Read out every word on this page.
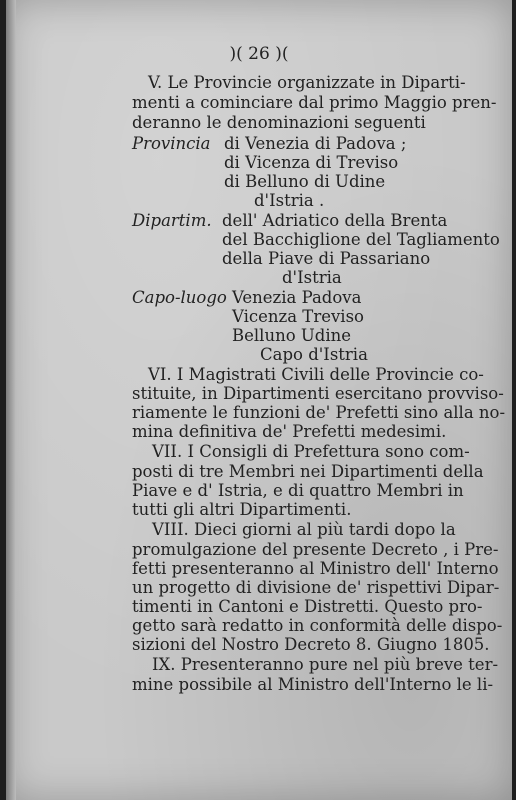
)( 26 )(
V. Le Provincie organizzate in Diparti-
menti a cominciare dal primo Maggio pren-
deranno le denominazioni seguenti
Provincia di Venezia di Padova ;
di Vicenza di Treviso
di Belluno di Udine
d'Istria .
Dipartim. dell' Adriatico della Brenta
del Bacchiglione del Tagliamento
della Piave di Passariano
d'Istria
Capo-luogo Venezia Padova
Vicenza Treviso
Belluno Udine
Capo d'Istria
VI. I Magistrati Civili delle Provincie co-
stituite, in Dipartimenti esercitano provviso-
riamente le funzioni de' Prefetti sino alla no-
mina definitiva de' Prefetti medesimi.
VII. I Consigli di Prefettura sono com-
posti di tre Membri nei Dipartimenti della
Piave e d' Istria, e di quattro Membri in
tutti gli altri Dipartimenti.
VIII. Dieci giorni al più tardi dopo la
promulgazione del presente Decreto , i Pre-
fetti presenteranno al Ministro dell' Interno
un progetto di divisione de' rispettivi Dipar-
timenti in Cantoni e Distretti. Questo pro-
getto sarà redatto in conformità delle dispo-
sizioni del Nostro Decreto 8. Giugno 1805.
IX. Presenteranno pure nel più breve ter-
mine possibile al Ministro dell'Interno le li-
